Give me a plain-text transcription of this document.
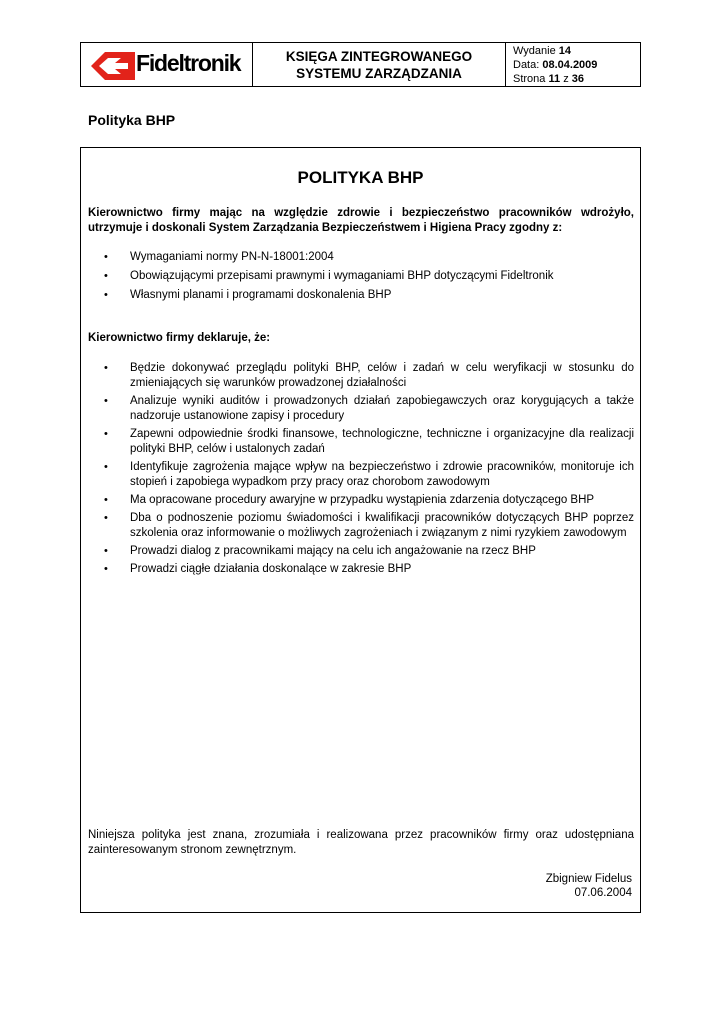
Fideltronik	KSIĘGA ZINTEGROWANEGO
SYSTEMU ZARZĄDZANIA
Wydanie 14
Data: 08.04.2009
Strona 11 z 36
Polityka BHP
POLITYKA BHP
Kierownictwo firmy mając na względzie zdrowie i bezpieczeństwo pracowników wdrożyło, utrzymuje i doskonali System Zarządzania Bezpieczeństwem i Higiena Pracy zgodny z:
• Wymaganiami normy PN-N-18001:2004
• Obowiązującymi przepisami prawnymi i wymaganiami BHP dotyczącymi Fideltronik
• Własnymi planami i programami doskonalenia BHP
Kierownictwo firmy deklaruje, że:
• Będzie dokonywać przeglądu polityki BHP, celów i zadań w celu weryfikacji w stosunku do zmieniających się warunków prowadzonej działalności
• Analizuje wyniki auditów i prowadzonych działań zapobiegawczych oraz korygujących a także nadzoruje ustanowione zapisy i procedury
• Zapewni odpowiednie środki finansowe, technologiczne, techniczne i organizacyjne dla realizacji polityki BHP, celów i ustalonych zadań
• Identyfikuje zagrożenia mające wpływ na bezpieczeństwo i zdrowie pracowników, monitoruje ich stopień i zapobiega wypadkom przy pracy oraz chorobom zawodowym
• Ma opracowane procedury awaryjne w przypadku wystąpienia zdarzenia dotyczącego BHP
• Dba o podnoszenie poziomu świadomości i kwalifikacji pracowników dotyczących BHP poprzez szkolenia oraz informowanie o możliwych zagrożeniach i związanym z nimi ryzykiem zawodowym
• Prowadzi dialog z pracownikami mający na celu ich angażowanie na rzecz BHP
• Prowadzi ciągłe działania doskonalące w zakresie BHP
Niniejsza polityka jest znana, zrozumiała i realizowana przez pracowników firmy oraz udostępniana zainteresowanym stronom zewnętrznym.
Zbigniew Fidelus
07.06.2004
